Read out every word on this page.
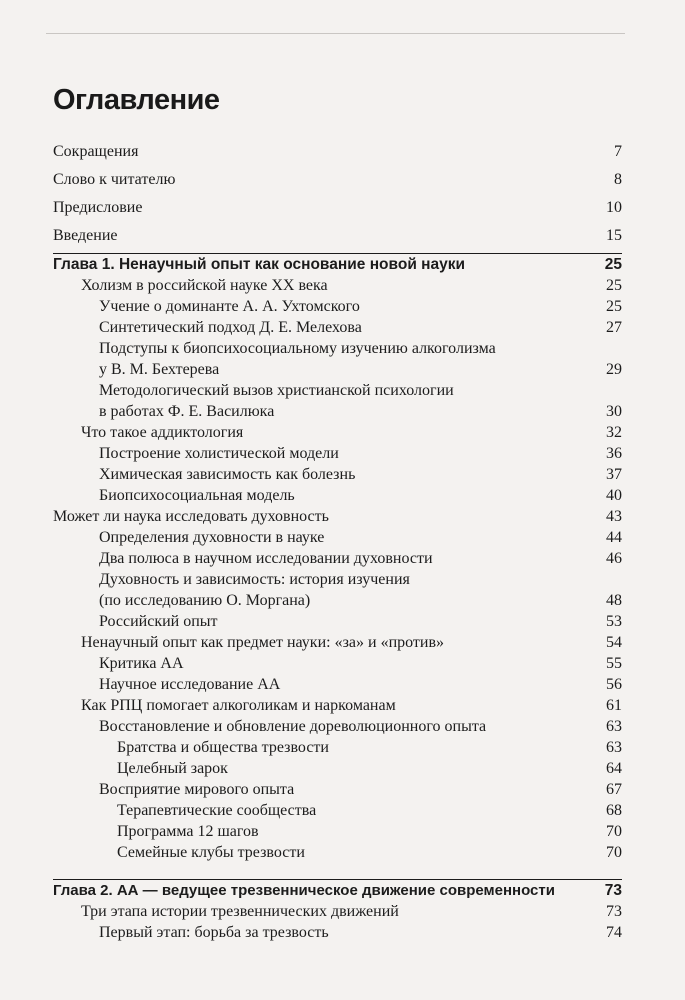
Оглавление
Сокращения	7
Слово к читателю	8
Предисловие	10
Введение	15
Глава 1. Ненаучный опыт как основание новой науки	25
Холизм в российской науке XX века	25
Учение о доминанте А. А. Ухтомского	25
Синтетический подход Д. Е. Мелехова	27
Подступы к биопсихосоциальному изучению алкоголизма
у В. М. Бехтерева	29
Методологический вызов христианской психологии
в работах Ф. Е. Василюка	30
Что такое аддиктология	32
Построение холистической модели	36
Химическая зависимость как болезнь	37
Биопсихосоциальная модель	40
Может ли наука исследовать духовность	43
Определения духовности в науке	44
Два полюса в научном исследовании духовности	46
Духовность и зависимость: история изучения
(по исследованию О. Моргана)	48
Российский опыт	53
Ненаучный опыт как предмет науки: «за» и «против»	54
Критика АА	55
Научное исследование АА	56
Как РПЦ помогает алкоголикам и наркоманам	61
Восстановление и обновление дореволюционного опыта	63
Братства и общества трезвости	63
Целебный зарок	64
Восприятие мирового опыта	67
Терапевтические сообщества	68
Программа 12 шагов	70
Семейные клубы трезвости	70
Глава 2. АА — ведущее трезвенническое движение современности	73
Три этапа истории трезвеннических движений	73
Первый этап: борьба за трезвость	74
